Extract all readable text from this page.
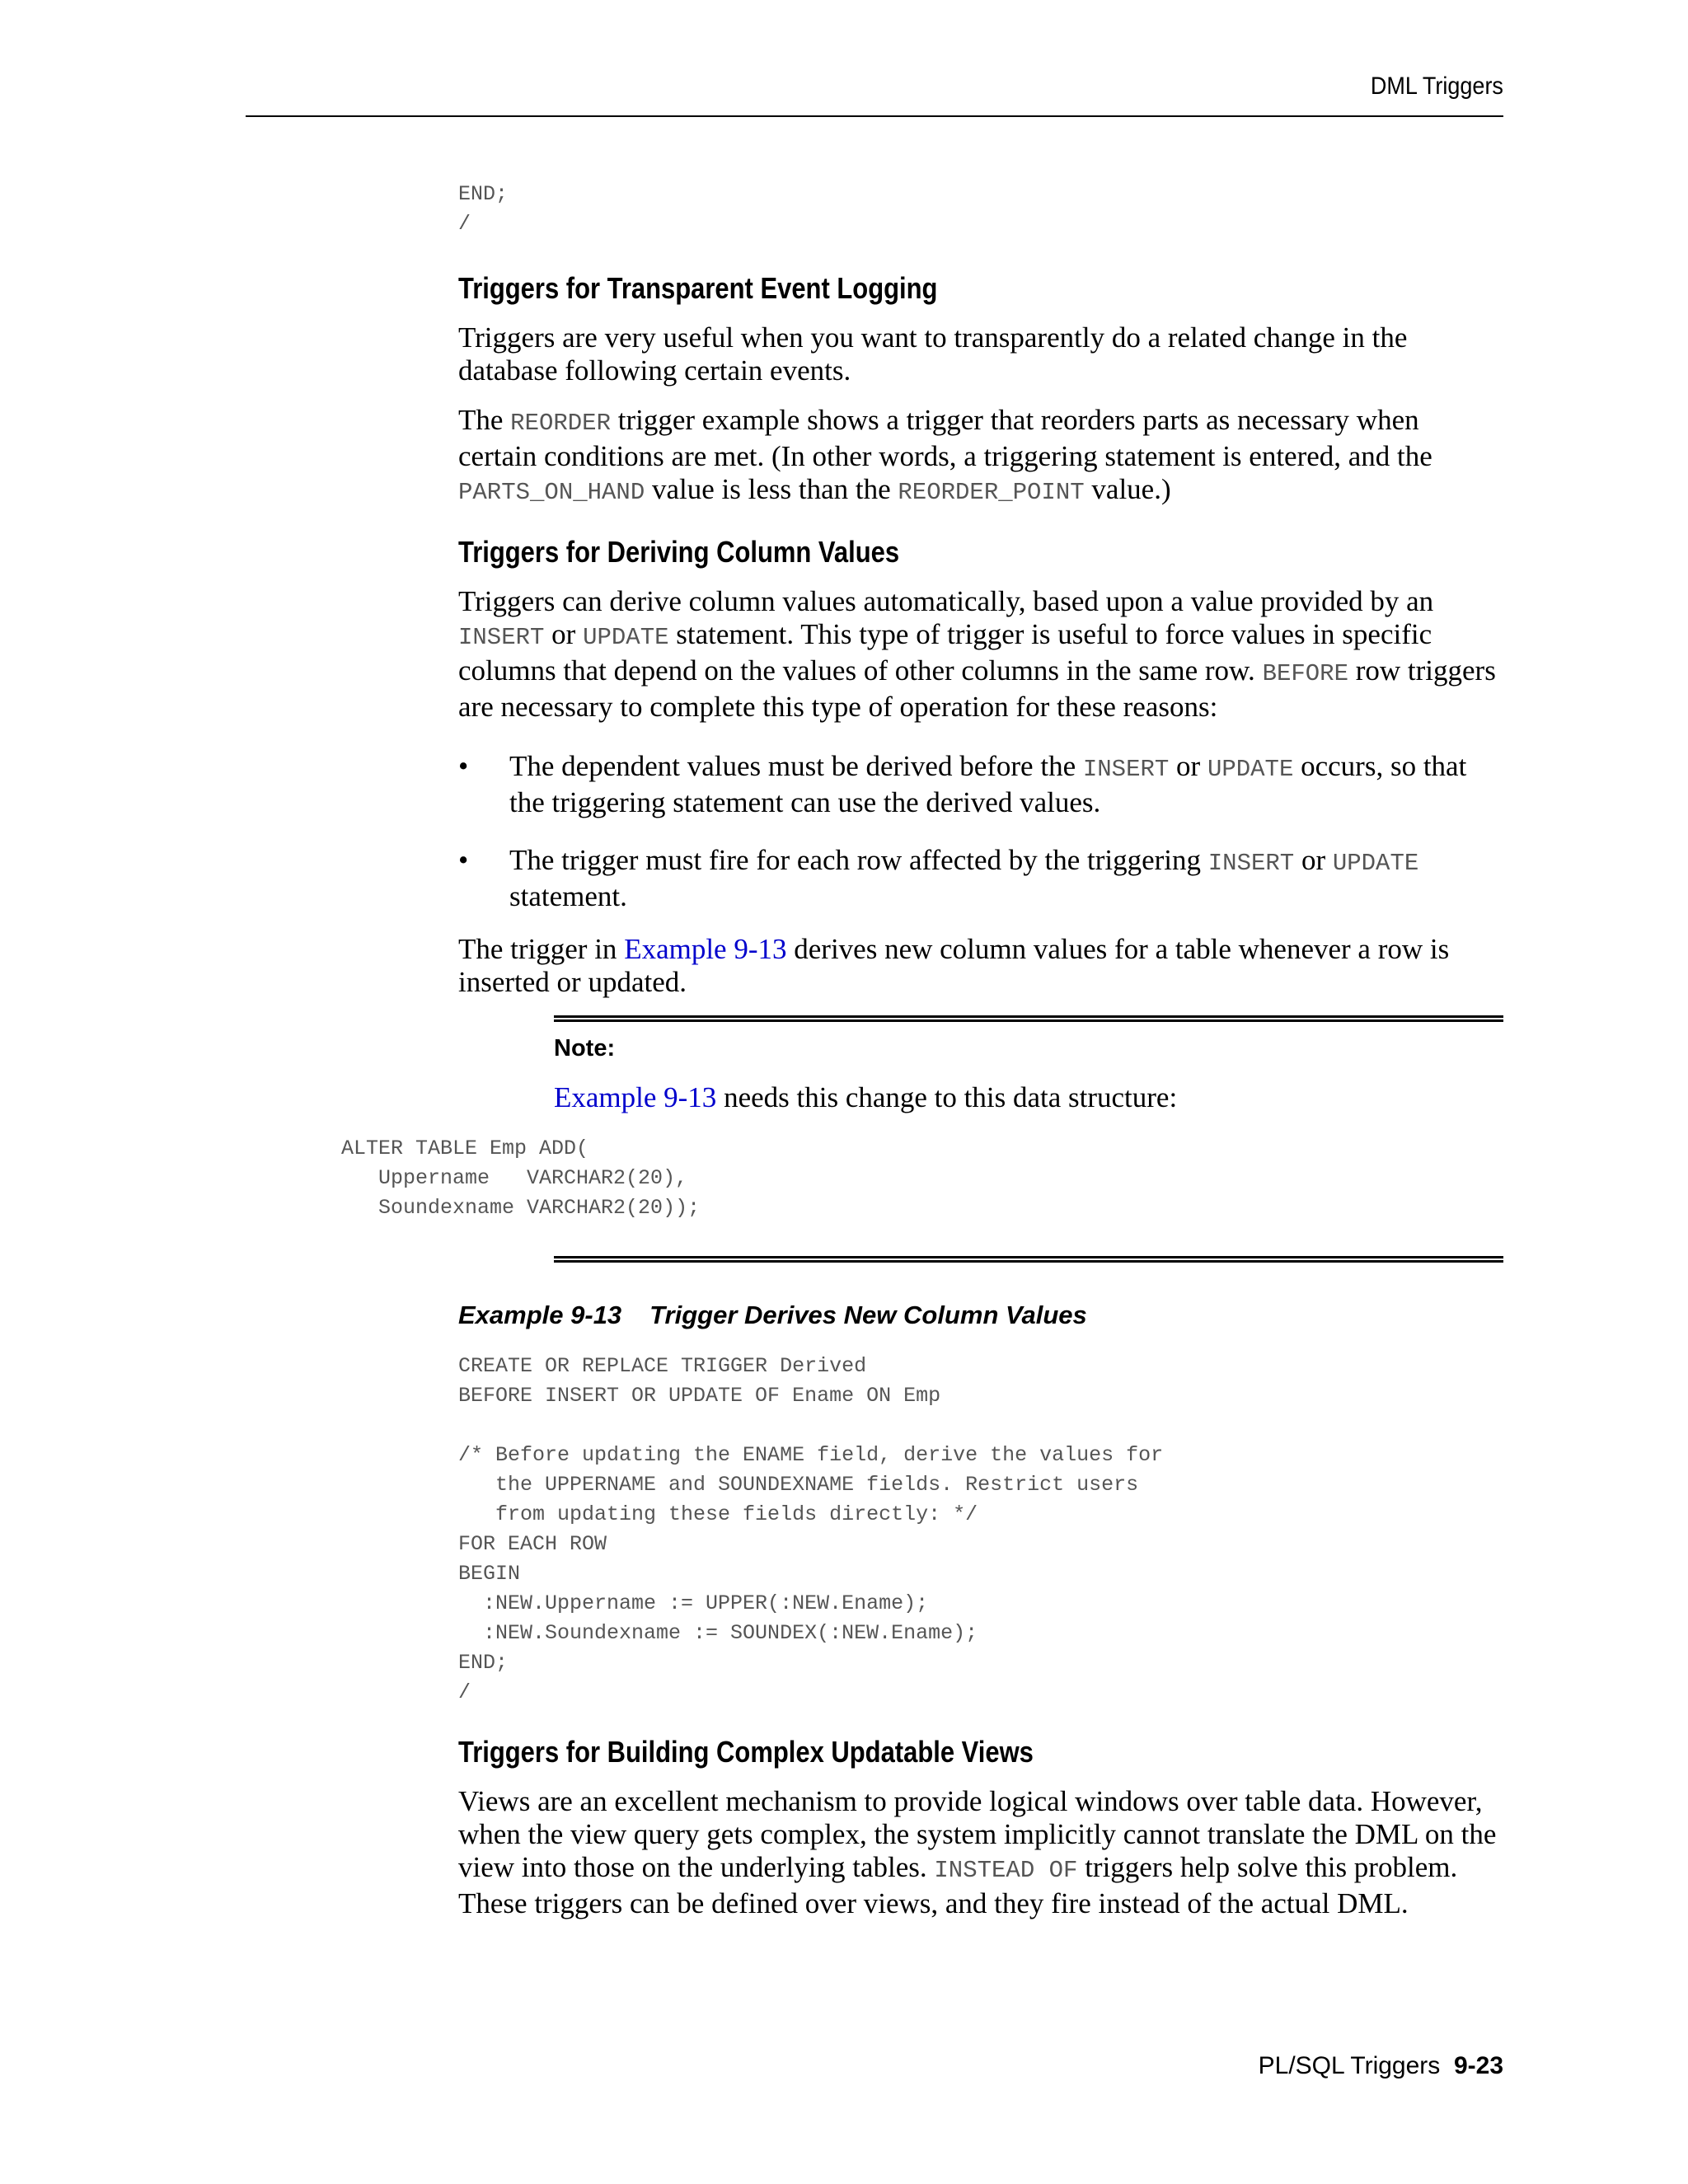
DML Triggers
END;
/
Triggers for Transparent Event Logging

Triggers are very useful when you want to transparently do a related change in the database following certain events.

The REORDER trigger example shows a trigger that reorders parts as necessary when certain conditions are met. (In other words, a triggering statement is entered, and the PARTS_ON_HAND value is less than the REORDER_POINT value.)

Triggers for Deriving Column Values

Triggers can derive column values automatically, based upon a value provided by an INSERT or UPDATE statement. This type of trigger is useful to force values in specific columns that depend on the values of other columns in the same row. BEFORE row triggers are necessary to complete this type of operation for these reasons:

• The dependent values must be derived before the INSERT or UPDATE occurs, so that the triggering statement can use the derived values.
• The trigger must fire for each row affected by the triggering INSERT or UPDATE statement.

The trigger in Example 9-13 derives new column values for a table whenever a row is inserted or updated.

Note:

Example 9-13 needs this change to this data structure:

ALTER TABLE Emp ADD(
Uppername   VARCHAR2(20),
Soundexname VARCHAR2(20));
Example 9-13 Trigger Derives New Column Values
CREATE OR REPLACE TRIGGER Derived
BEFORE INSERT OR UPDATE OF Ename ON Emp

/* Before updating the ENAME field, derive the values for
the UPPERNAME and SOUNDEXNAME fields. Restrict users
from updating these fields directly: */
FOR EACH ROW
BEGIN
:NEW.Uppername := UPPER(:NEW.Ename);
:NEW.Soundexname := SOUNDEX(:NEW.Ename);
END;
/
Triggers for Building Complex Updatable Views

Views are an excellent mechanism to provide logical windows over table data. However, when the view query gets complex, the system implicitly cannot translate the DML on the view into those on the underlying tables. INSTEAD OF triggers help solve this problem. These triggers can be defined over views, and they fire instead of the actual DML.

PL/SQL Triggers 9-23
